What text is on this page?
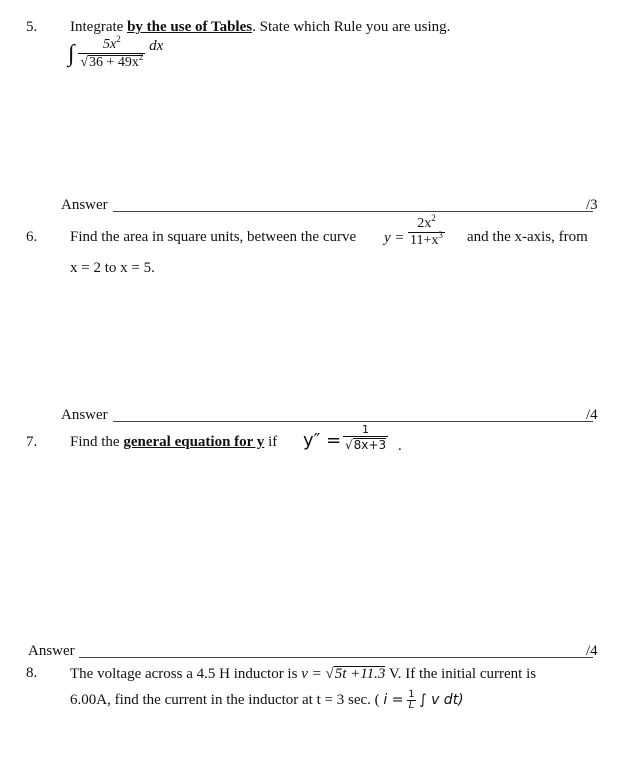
5. Integrate by the use of Tables. State which Rule you are using.
∫ $\frac{5x^2}{√36 + 49x^2}$ dx
Answer	/3
6. Find the area in square units, between the curve $y = \frac{2x^2}{11+x^3}$ and the x-axis, from
x = 2 to x = 5.
Answer	/4
7. Find the general equation for y if $y'' = \frac{1}{√8x+3}$ .
Answer	/4
8. The voltage across a 4.5 H inductor is v = √5t +11.3 V. If the initial current is
6.00A, find the current in the inductor at t = 3 sec. ( $i = \frac{1}{L}$ ∫ v dt)
